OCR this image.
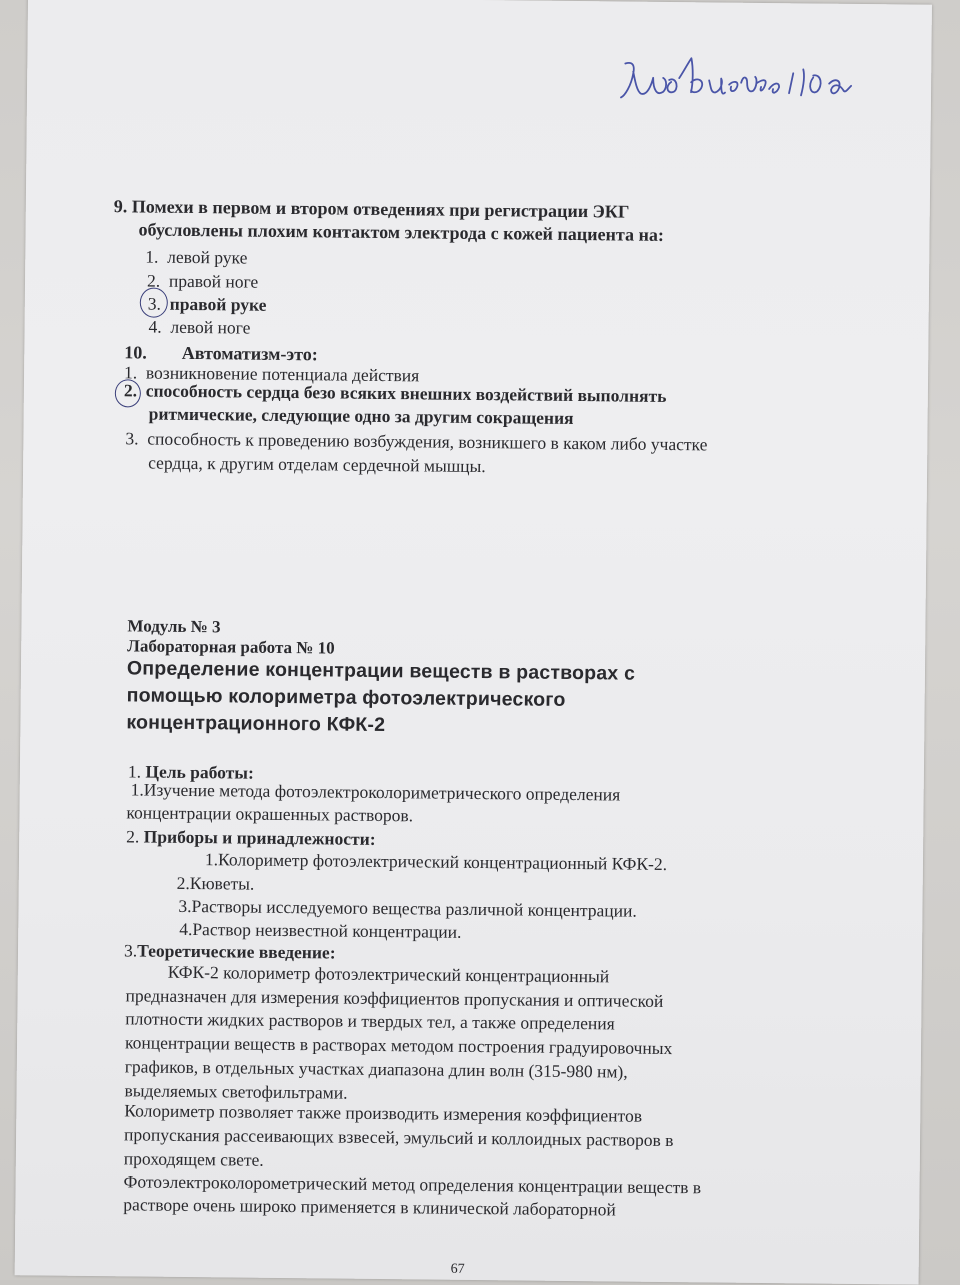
9. Помехи в первом и втором отведениях при регистрации ЭКГ
обусловлены плохим контактом электрода с кожей пациента на:
1. левой руке
2. правой ноге
3. правой руке
4. левой ноге
10. Автоматизм-это:
1. возникновение потенциала действия
2. способность сердца безо всяких внешних воздействий выполнять
ритмические, следующие одно за другим сокращения
3. способность к проведению возбуждения, возникшего в каком либо участке
сердца, к другим отделам сердечной мышцы.
Модуль № 3
Лабораторная работа № 10
Определение концентрации веществ в растворах с
помощью колориметра фотоэлектрического
концентрационного КФК-2
1. Цель работы:
1.Изучение метода фотоэлектроколориметрического определения
концентрации окрашенных растворов.
2. Приборы и принадлежности:
1.Колориметр фотоэлектрический концентрационный КФК-2.
2.Кюветы.
3.Растворы исследуемого вещества различной концентрации.
4.Раствор неизвестной концентрации.
3.Теоретические введение:
КФК-2 колориметр фотоэлектрический концентрационный
предназначен для измерения коэффициентов пропускания и оптической
плотности жидких растворов и твердых тел, а также определения
концентрации веществ в растворах методом построения градуировочных
графиков, в отдельных участках диапазона длин волн (315-980 нм),
выделяемых светофильтрами.
Колориметр позволяет также производить измерения коэффициентов
пропускания рассеивающих взвесей, эмульсий и коллоидных растворов в
проходящем свете.
Фотоэлектроколорометрический метод определения концентрации веществ в
растворе очень широко применяется в клинической лабораторной
67
